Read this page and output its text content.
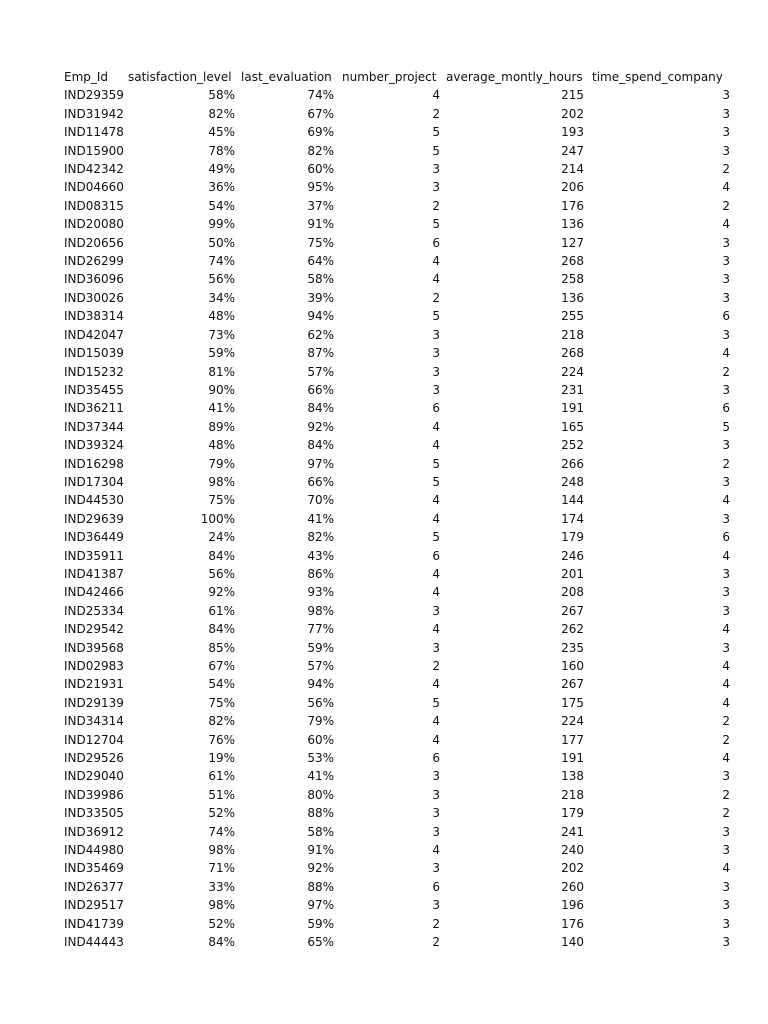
Emp_Id	satisfaction_level	last_evaluation	number_project	average_montly_hours	time_spend_company
IND29359	58%	74%	4	215	3
IND31942	82%	67%	2	202	3
IND11478	45%	69%	5	193	3
IND15900	78%	82%	5	247	3
IND42342	49%	60%	3	214	2
IND04660	36%	95%	3	206	4
IND08315	54%	37%	2	176	2
IND20080	99%	91%	5	136	4
IND20656	50%	75%	6	127	3
IND26299	74%	64%	4	268	3
IND36096	56%	58%	4	258	3
IND30026	34%	39%	2	136	3
IND38314	48%	94%	5	255	6
IND42047	73%	62%	3	218	3
IND15039	59%	87%	3	268	4
IND15232	81%	57%	3	224	2
IND35455	90%	66%	3	231	3
IND36211	41%	84%	6	191	6
IND37344	89%	92%	4	165	5
IND39324	48%	84%	4	252	3
IND16298	79%	97%	5	266	2
IND17304	98%	66%	5	248	3
IND44530	75%	70%	4	144	4
IND29639	100%	41%	4	174	3
IND36449	24%	82%	5	179	6
IND35911	84%	43%	6	246	4
IND41387	56%	86%	4	201	3
IND42466	92%	93%	4	208	3
IND25334	61%	98%	3	267	3
IND29542	84%	77%	4	262	4
IND39568	85%	59%	3	235	3
IND02983	67%	57%	2	160	4
IND21931	54%	94%	4	267	4
IND29139	75%	56%	5	175	4
IND34314	82%	79%	4	224	2
IND12704	76%	60%	4	177	2
IND29526	19%	53%	6	191	4
IND29040	61%	41%	3	138	3
IND39986	51%	80%	3	218	2
IND33505	52%	88%	3	179	2
IND36912	74%	58%	3	241	3
IND44980	98%	91%	4	240	3
IND35469	71%	92%	3	202	4
IND26377	33%	88%	6	260	3
IND29517	98%	97%	3	196	3
IND41739	52%	59%	2	176	3
IND44443	84%	65%	2	140	3
